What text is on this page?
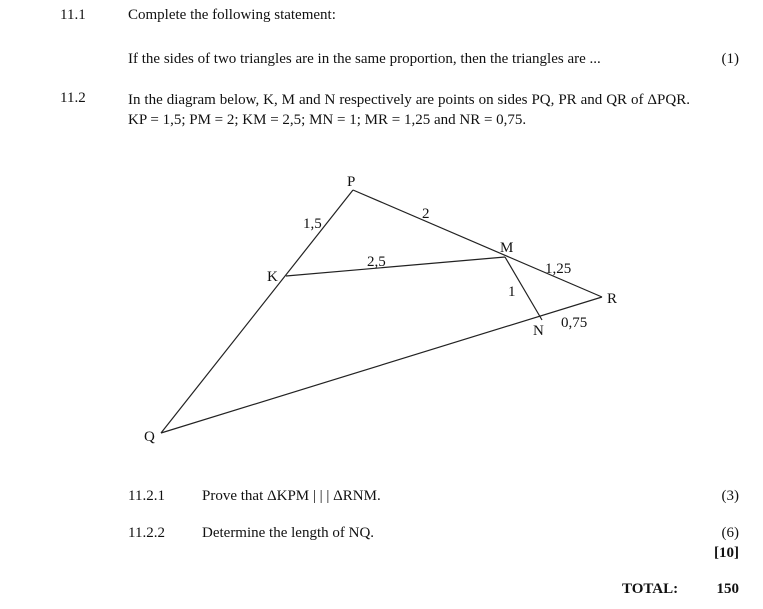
11.1	Complete the following statement:
If the sides of two triangles are in the same proportion, then the triangles are ...	(1)
11.2	In the diagram below, K, M and N respectively are points on sides PQ, PR and QR of ΔPQR. KP = 1,5; PM = 2; KM = 2,5; MN = 1; MR = 1,25 and NR = 0,75.
P
K
M
N
R
Q
1,5
2
2,5
1
1,25
0,75
11.2.1 Prove that ΔKPM | | | ΔRNM.	(3)
11.2.2 Determine the length of NQ.	(6)
[10]
TOTAL:	150
